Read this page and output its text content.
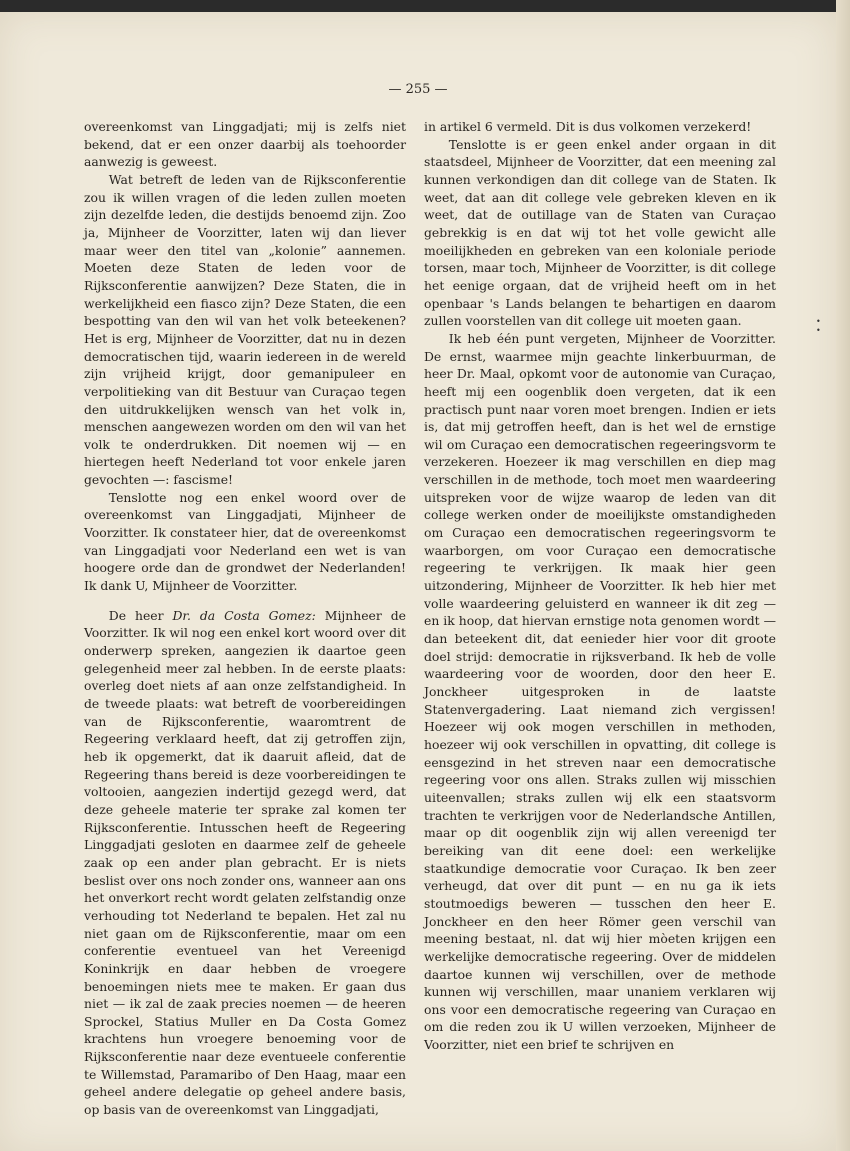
— 255 —

overeenkomst van Linggadjati; mij is zelfs niet bekend, dat er een onzer daarbij als toehoorder aanwezig is geweest.

Wat betreft de leden van de Rijksconferentie zou ik willen vragen of die leden zullen moeten zijn dezelfde leden, die destijds benoemd zijn. Zoo ja, Mijnheer de Voorzitter, laten wij dan liever maar weer den titel van „kolonie” aannemen. Moeten deze Staten de leden voor de Rijksconferentie aanwijzen? Deze Staten, die in werkelijkheid een fiasco zijn? Deze Staten, die een bespotting van den wil van het volk beteekenen? Het is erg, Mijnheer de Voorzitter, dat nu in dezen democratischen tijd, waarin iedereen in de wereld zijn vrijheid krijgt, door gemanipuleer en verpolitieking van dit Bestuur van Curaçao tegen den uitdrukkelijken wensch van het volk in, menschen aangewezen worden om den wil van het volk te onderdrukken. Dit noemen wij — en hiertegen heeft Nederland tot voor enkele jaren gevochten —: fascisme!

Tenslotte nog een enkel woord over de overeenkomst van Linggadjati, Mijnheer de Voorzitter. Ik constateer hier, dat de overeenkomst van Linggadjati voor Nederland een wet is van hoogere orde dan de grondwet der Nederlanden! Ik dank U, Mijnheer de Voorzitter.

De heer Dr. da Costa Gomez: Mijnheer de Voorzitter. Ik wil nog een enkel kort woord over dit onderwerp spreken, aangezien ik daartoe geen gelegenheid meer zal hebben. In de eerste plaats: overleg doet niets af aan onze zelfstandigheid. In de tweede plaats: wat betreft de voorbereidingen van de Rijksconferentie, waaromtrent de Regeering verklaard heeft, dat zij getroffen zijn, heb ik opgemerkt, dat ik daaruit afleid, dat de Regeering thans bereid is deze voorbereidingen te voltooien, aangezien indertijd gezegd werd, dat deze geheele materie ter sprake zal komen ter Rijksconferentie. Intusschen heeft de Regeering Linggadjati gesloten en daarmee zelf de geheele zaak op een ander plan gebracht. Er is niets beslist over ons noch zonder ons, wanneer aan ons het onverkort recht wordt gelaten zelfstandig onze verhouding tot Nederland te bepalen. Het zal nu niet gaan om de Rijksconferentie, maar om een conferentie eventueel van het Vereenigd Koninkrijk en daar hebben de vroegere benoemingen niets mee te maken. Er gaan dus niet — ik zal de zaak precies noemen — de heeren Sprockel, Statius Muller en Da Costa Gomez krachtens hun vroegere benoeming voor de Rijksconferentie naar deze eventueele conferentie te Willemstad, Paramaribo of Den Haag, maar een geheel andere delegatie op geheel andere basis, op basis van de overeenkomst van Linggadjati,

in artikel 6 vermeld. Dit is dus volkomen verzekerd!

Tenslotte is er geen enkel ander orgaan in dit staatsdeel, Mijnheer de Voorzitter, dat een meening zal kunnen verkondigen dan dit college van de Staten. Ik weet, dat aan dit college vele gebreken kleven en ik weet, dat de outillage van de Staten van Curaçao gebrekkig is en dat wij tot het volle gewicht alle moeilijkheden en gebreken van een koloniale periode torsen, maar toch, Mijnheer de Voorzitter, is dit college het eenige orgaan, dat de vrijheid heeft om in het openbaar 's Lands belangen te behartigen en daarom zullen voorstellen van dit college uit moeten gaan.

Ik heb één punt vergeten, Mijnheer de Voorzitter. De ernst, waarmee mijn geachte linkerbuurman, de heer Dr. Maal, opkomt voor de autonomie van Curaçao, heeft mij een oogenblik doen vergeten, dat ik een practisch punt naar voren moet brengen. Indien er iets is, dat mij getroffen heeft, dan is het wel de ernstige wil om Curaçao een democratischen regeeringsvorm te verzekeren. Hoezeer ik mag verschillen en diep mag verschillen in de methode, toch moet men waardeering uitspreken voor de wijze waarop de leden van dit college werken onder de moeilijkste omstandigheden om Curaçao een democratischen regeeringsvorm te waarborgen, om voor Curaçao een democratische regeering te verkrijgen. Ik maak hier geen uitzondering, Mijnheer de Voorzitter. Ik heb hier met volle waardeering geluisterd en wanneer ik dit zeg — en ik hoop, dat hiervan ernstige nota genomen wordt — dan beteekent dit, dat eenieder hier voor dit groote doel strijd: democratie in rijksverband. Ik heb de volle waardeering voor de woorden, door den heer E. Jonckheer uitgesproken in de laatste Statenvergadering. Laat niemand zich vergissen! Hoezeer wij ook mogen verschillen in methoden, hoezeer wij ook verschillen in opvatting, dit college is eensgezind in het streven naar een democratische regeering voor ons allen. Straks zullen wij misschien uiteenvallen; straks zullen wij elk een staatsvorm trachten te verkrijgen voor de Nederlandsche Antillen, maar op dit oogenblik zijn wij allen vereenigd ter bereiking van dit eene doel: een werkelijke staatkundige democratie voor Curaçao. Ik ben zeer verheugd, dat over dit punt — en nu ga ik iets stoutmoedigs beweren — tusschen den heer E. Jonckheer en den heer Römer geen verschil van meening bestaat, nl. dat wij hier mòeten krijgen een werkelijke democratische regeering. Over de middelen daartoe kunnen wij verschillen, over de methode kunnen wij verschillen, maar unaniem verklaren wij ons voor een democratische regeering van Curaçao en om die reden zou ik U willen verzoeken, Mijnheer de Voorzitter, niet een brief te schrijven en

• •
